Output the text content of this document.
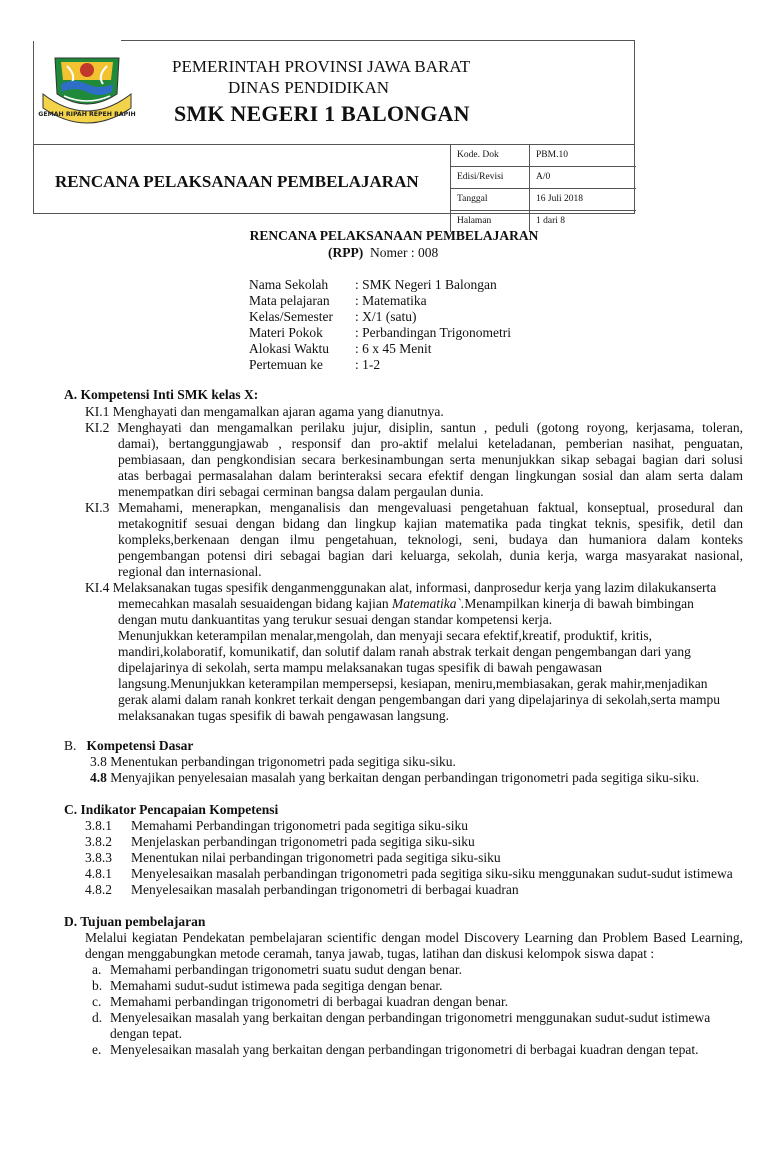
GEMAH RIPAH REPEH RAPIH
PEMERINTAH PROVINSI JAWA BARAT
DINAS PENDIDIKAN
SMK NEGERI 1 BALONGAN
RENCANA PELAKSANAAN PEMBELAJARAN
Kode. Dok	PBM.10
Edisi/Revisi	A/0
Tanggal	16 Juli 2018
Halaman	1 dari 8
RENCANA PELAKSANAAN PEMBELAJARAN
(RPP) Nomer : 008
Nama Sekolah	: SMK Negeri 1 Balongan
Mata pelajaran	: Matematika
Kelas/Semester	: X/1 (satu)
Materi Pokok	: Perbandingan Trigonometri
Alokasi Waktu	: 6 x 45 Menit
Pertemuan ke	: 1-2
A. Kompetensi Inti SMK kelas X:
KI.1 Menghayati dan mengamalkan ajaran agama yang dianutnya.
KI.2 Menghayati dan mengamalkan perilaku jujur, disiplin, santun , peduli (gotong royong, kerjasama, toleran,
damai), bertanggungjawab , responsif dan pro-aktif melalui keteladanan, pemberian nasihat, penguatan,
pembiasaan, dan pengkondisian secara berkesinambungan serta menunjukkan sikap sebagai bagian dari solusi
atas berbagai permasalahan dalam berinteraksi secara efektif dengan lingkungan sosial dan alam serta dalam
menempatkan diri sebagai cerminan bangsa dalam pergaulan dunia.
KI.3 Memahami, menerapkan, menganalisis dan mengevaluasi pengetahuan faktual, konseptual, prosedural dan
metakognitif sesuai dengan bidang dan lingkup kajian matematika pada tingkat teknis, spesifik, detil dan
kompleks,berkenaan dengan ilmu pengetahuan, teknologi, seni, budaya dan humaniora dalam konteks
pengembangan potensi diri sebagai bagian dari keluarga, sekolah, dunia kerja, warga masyarakat nasional,
regional dan internasional.
KI.4 Melaksanakan tugas spesifik denganmenggunakan alat, informasi, danprosedur kerja yang lazim dilakukanserta
memecahkan masalah sesuaidengan bidang kajian Matematika`.Menampilkan kinerja di bawah bimbingan
dengan mutu dankuantitas yang terukur sesuai dengan standar kompetensi kerja.
Menunjukkan keterampilan menalar,mengolah, dan menyaji secara efektif,kreatif, produktif, kritis,
mandiri,kolaboratif, komunikatif, dan solutif dalam ranah abstrak terkait dengan pengembangan dari yang
dipelajarinya di sekolah, serta mampu melaksanakan tugas spesifik di bawah pengawasan
langsung.Menunjukkan keterampilan mempersepsi, kesiapan, meniru,membiasakan, gerak mahir,menjadikan
gerak alami dalam ranah konkret terkait dengan pengembangan dari yang dipelajarinya di sekolah,serta mampu
melaksanakan tugas spesifik di bawah pengawasan langsung.
B. Kompetensi Dasar
3.8 Menentukan perbandingan trigonometri pada segitiga siku-siku.
4.8 Menyajikan penyelesaian masalah yang berkaitan dengan perbandingan trigonometri pada segitiga siku-siku.
C. Indikator Pencapaian Kompetensi
3.8.1 Memahami Perbandingan trigonometri pada segitiga siku-siku
3.8.2 Menjelaskan perbandingan trigonometri pada segitiga siku-siku
3.8.3 Menentukan nilai perbandingan trigonometri pada segitiga siku-siku
4.8.1 Menyelesaikan masalah perbandingan trigonometri pada segitiga siku-siku menggunakan sudut-sudut istimewa
4.8.2 Menyelesaikan masalah perbandingan trigonometri di berbagai kuadran
D. Tujuan pembelajaran
Melalui kegiatan Pendekatan pembelajaran scientific dengan model Discovery Learning dan Problem Based Learning,
dengan menggabungkan metode ceramah, tanya jawab, tugas, latihan dan diskusi kelompok siswa dapat :
a. Memahami perbandingan trigonometri suatu sudut dengan benar.
b. Memahami sudut-sudut istimewa pada segitiga dengan benar.
c. Memahami perbandingan trigonometri di berbagai kuadran dengan benar.
d. Menyelesaikan masalah yang berkaitan dengan perbandingan trigonometri menggunakan sudut-sudut istimewa
dengan tepat.
e. Menyelesaikan masalah yang berkaitan dengan perbandingan trigonometri di berbagai kuadran dengan tepat.
